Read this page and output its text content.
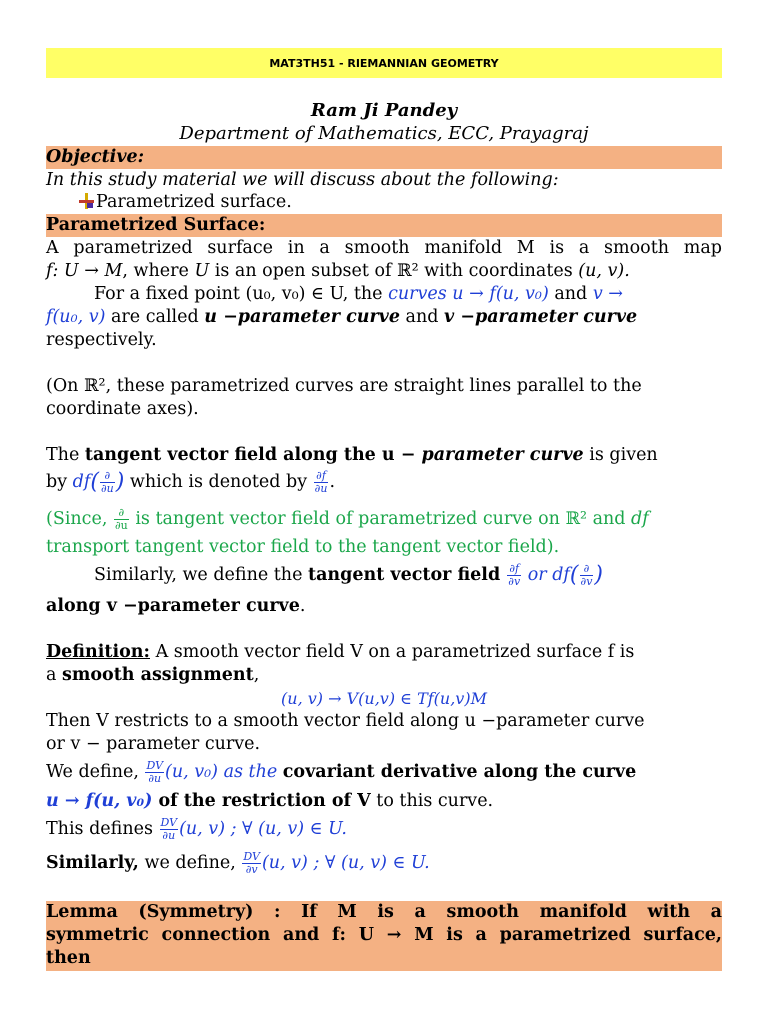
MAT3TH51 - RIEMANNIAN GEOMETRY
Ram Ji Pandey
Department of Mathematics, ECC, Prayagraj
Objective:
In this study material we will discuss about the following:
Parametrized surface.
Parametrized Surface:
A parametrized surface in a smooth manifold M is a smooth map
f: U → M, where U is an open subset of ℝ² with coordinates (u, v).
For a fixed point (u₀, v₀) ∈ U, the curves u → f(u, v₀) and v →
f(u₀, v) are called u −parameter curve and v −parameter curve
respectively.
(On ℝ², these parametrized curves are straight lines parallel to the
coordinate axes).
The tangent vector field along the u − parameter curve is given
by $df( \frac{\partial}{\partial u}$ ) which is denoted by $\frac{\partial f}{\partial u}$ .
(Since, $\frac{\partial}{\partial u}$ is tangent vector field of parametrized curve on ℝ² and df
transport tangent vector field to the tangent vector field).
Similarly, we define the tangent vector field $\frac{\partial f}{\partial v}$ or $df( \frac{\partial}{\partial v}$ )
along v −parameter curve.
Definition: A smooth vector field V on a parametrized surface f is
a smooth assignment,
(u, v) → V(u,v) ∈ Tf(u,v)M
Then V restricts to a smooth vector field along u −parameter curve
or v − parameter curve.
We define, $\frac{DV}{\partial u} (u$, v₀) as the covariant derivative along the curve
u → f(u, v₀) of the restriction of V to this curve.
This defines $\frac{DV}{\partial u} (u$, v) ; ∀ (u, v) ∈ U.
Similarly, we define, $\frac{DV}{\partial v} (u$, v) ; ∀ (u, v) ∈ U.
Lemma (Symmetry) : If M is a smooth manifold with a
symmetric connection and f: U → M is a parametrized surface,
then
